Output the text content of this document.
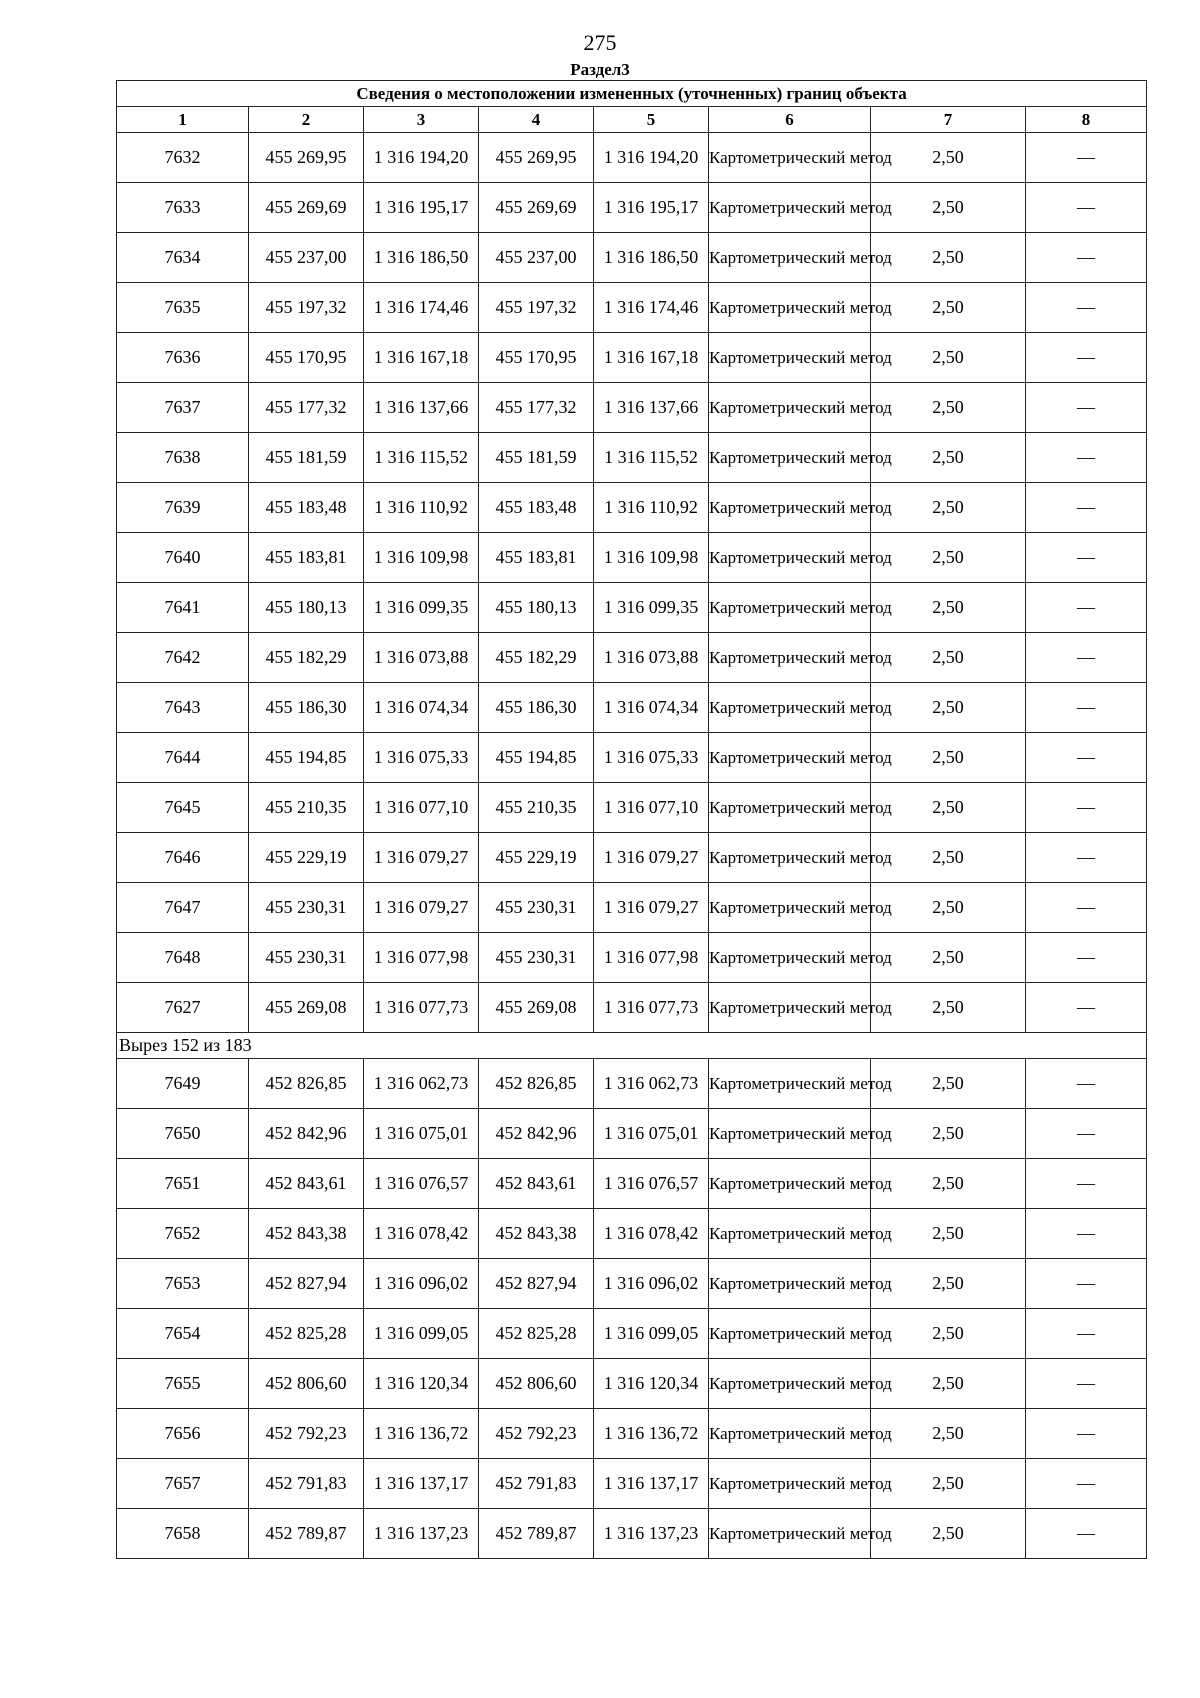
275
Раздел3
Сведения о местоположении измененных (уточненных) границ объекта							
1	2	3	4	5	6	7	8
7632	455 269,95	1 316 194,20	455 269,95	1 316 194,20	Картометрический метод	2,50	—
7633	455 269,69	1 316 195,17	455 269,69	1 316 195,17	Картометрический метод	2,50	—
7634	455 237,00	1 316 186,50	455 237,00	1 316 186,50	Картометрический метод	2,50	—
7635	455 197,32	1 316 174,46	455 197,32	1 316 174,46	Картометрический метод	2,50	—
7636	455 170,95	1 316 167,18	455 170,95	1 316 167,18	Картометрический метод	2,50	—
7637	455 177,32	1 316 137,66	455 177,32	1 316 137,66	Картометрический метод	2,50	—
7638	455 181,59	1 316 115,52	455 181,59	1 316 115,52	Картометрический метод	2,50	—
7639	455 183,48	1 316 110,92	455 183,48	1 316 110,92	Картометрический метод	2,50	—
7640	455 183,81	1 316 109,98	455 183,81	1 316 109,98	Картометрический метод	2,50	—
7641	455 180,13	1 316 099,35	455 180,13	1 316 099,35	Картометрический метод	2,50	—
7642	455 182,29	1 316 073,88	455 182,29	1 316 073,88	Картометрический метод	2,50	—
7643	455 186,30	1 316 074,34	455 186,30	1 316 074,34	Картометрический метод	2,50	—
7644	455 194,85	1 316 075,33	455 194,85	1 316 075,33	Картометрический метод	2,50	—
7645	455 210,35	1 316 077,10	455 210,35	1 316 077,10	Картометрический метод	2,50	—
7646	455 229,19	1 316 079,27	455 229,19	1 316 079,27	Картометрический метод	2,50	—
7647	455 230,31	1 316 079,27	455 230,31	1 316 079,27	Картометрический метод	2,50	—
7648	455 230,31	1 316 077,98	455 230,31	1 316 077,98	Картометрический метод	2,50	—
7627	455 269,08	1 316 077,73	455 269,08	1 316 077,73	Картометрический метод	2,50	—
Вырез 152 из 183							
7649	452 826,85	1 316 062,73	452 826,85	1 316 062,73	Картометрический метод	2,50	—
7650	452 842,96	1 316 075,01	452 842,96	1 316 075,01	Картометрический метод	2,50	—
7651	452 843,61	1 316 076,57	452 843,61	1 316 076,57	Картометрический метод	2,50	—
7652	452 843,38	1 316 078,42	452 843,38	1 316 078,42	Картометрический метод	2,50	—
7653	452 827,94	1 316 096,02	452 827,94	1 316 096,02	Картометрический метод	2,50	—
7654	452 825,28	1 316 099,05	452 825,28	1 316 099,05	Картометрический метод	2,50	—
7655	452 806,60	1 316 120,34	452 806,60	1 316 120,34	Картометрический метод	2,50	—
7656	452 792,23	1 316 136,72	452 792,23	1 316 136,72	Картометрический метод	2,50	—
7657	452 791,83	1 316 137,17	452 791,83	1 316 137,17	Картометрический метод	2,50	—
7658	452 789,87	1 316 137,23	452 789,87	1 316 137,23	Картометрический метод	2,50	—
